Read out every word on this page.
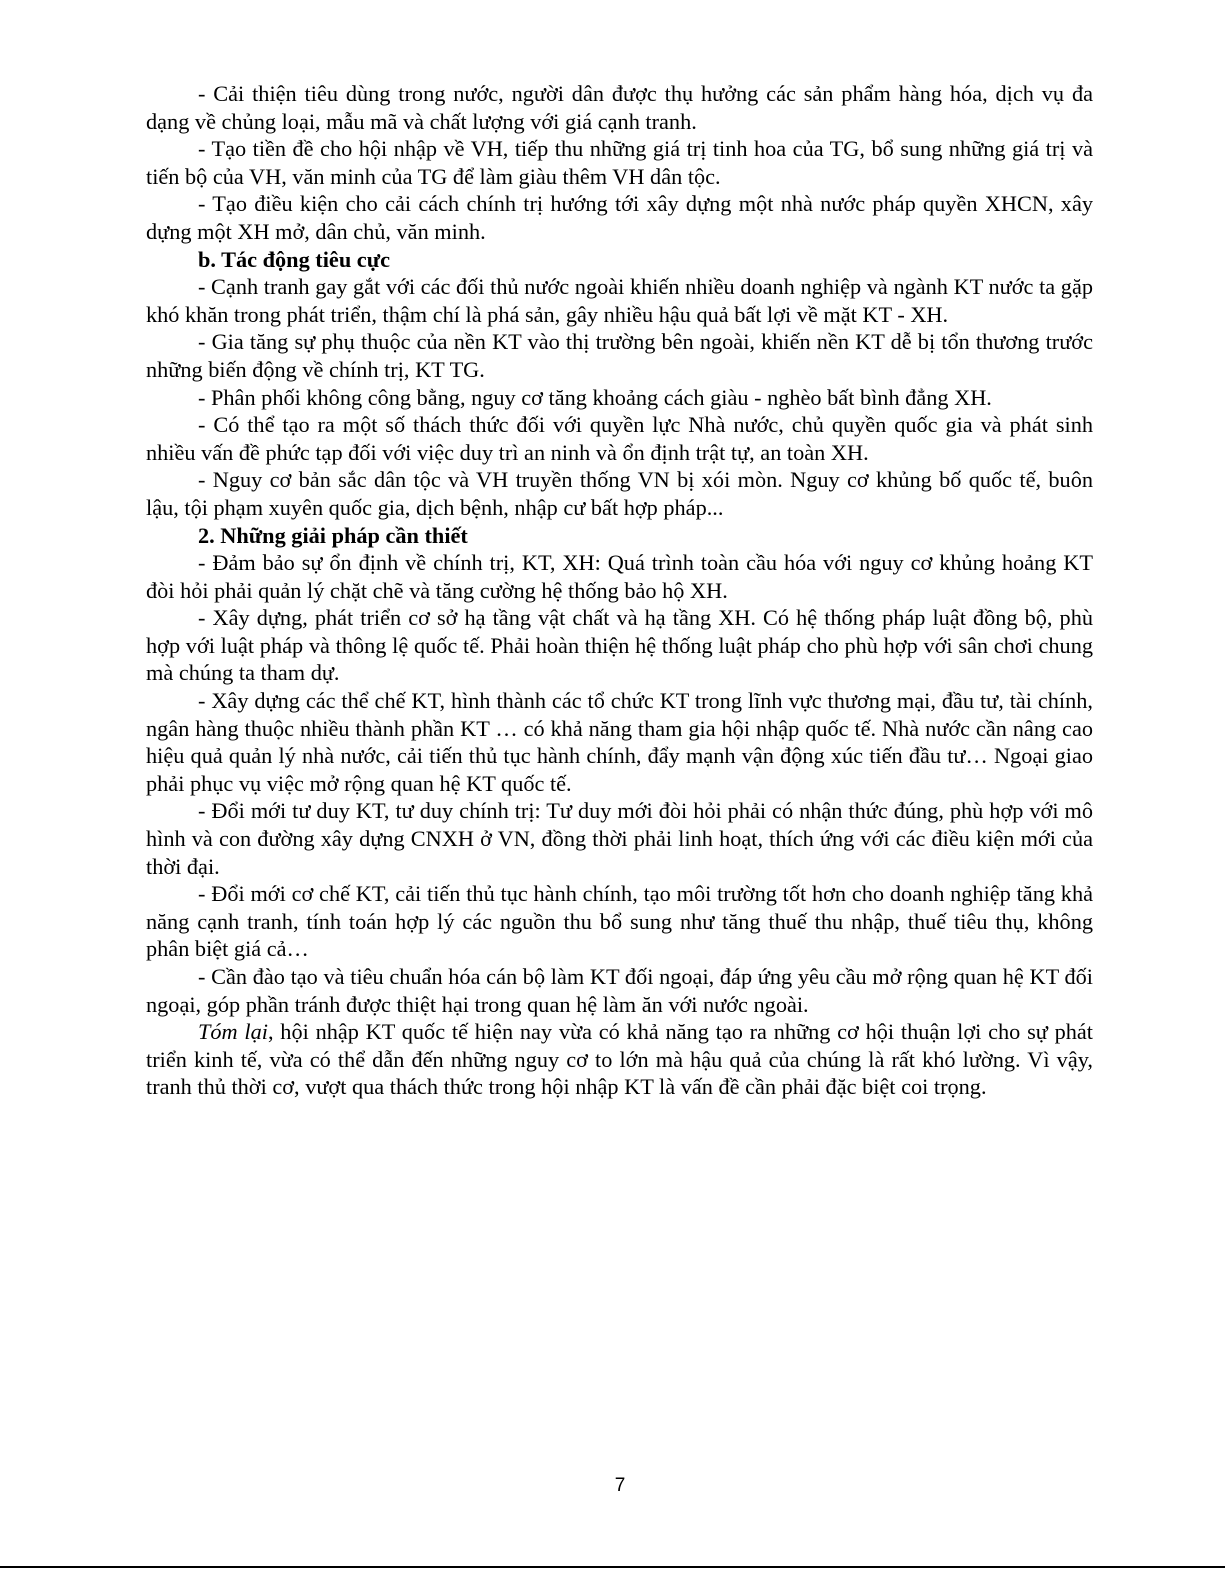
- Cải thiện tiêu dùng trong nước, người dân được thụ hưởng các sản phẩm hàng hóa, dịch vụ đa dạng về chủng loại, mẫu mã và chất lượng với giá cạnh tranh.

- Tạo tiền đề cho hội nhập về VH, tiếp thu những giá trị tinh hoa của TG, bổ sung những giá trị và tiến bộ của VH, văn minh của TG để làm giàu thêm VH dân tộc.

- Tạo điều kiện cho cải cách chính trị hướng tới xây dựng một nhà nước pháp quyền XHCN, xây dựng một XH mở, dân chủ, văn minh.

b. Tác động tiêu cực

- Cạnh tranh gay gắt với các đối thủ nước ngoài khiến nhiều doanh nghiệp và ngành KT nước ta gặp khó khăn trong phát triển, thậm chí là phá sản, gây nhiều hậu quả bất lợi về mặt KT - XH.

- Gia tăng sự phụ thuộc của nền KT vào thị trường bên ngoài, khiến nền KT dễ bị tổn thương trước những biến động về chính trị, KT TG.

- Phân phối không công bằng, nguy cơ tăng khoảng cách giàu - nghèo bất bình đẳng XH.

- Có thể tạo ra một số thách thức đối với quyền lực Nhà nước, chủ quyền quốc gia và phát sinh nhiều vấn đề phức tạp đối với việc duy trì an ninh và ổn định trật tự, an toàn XH.

- Nguy cơ bản sắc dân tộc và VH truyền thống VN bị xói mòn. Nguy cơ khủng bố quốc tế, buôn lậu, tội phạm xuyên quốc gia, dịch bệnh, nhập cư bất hợp pháp...

2. Những giải pháp cần thiết

- Đảm bảo sự ổn định về chính trị, KT, XH: Quá trình toàn cầu hóa với nguy cơ khủng hoảng KT đòi hỏi phải quản lý chặt chẽ và tăng cường hệ thống bảo hộ XH.

- Xây dựng, phát triển cơ sở hạ tầng vật chất và hạ tầng XH. Có hệ thống pháp luật đồng bộ, phù hợp với luật pháp và thông lệ quốc tế. Phải hoàn thiện hệ thống luật pháp cho phù hợp với sân chơi chung mà chúng ta tham dự.

- Xây dựng các thể chế KT, hình thành các tổ chức KT trong lĩnh vực thương mại, đầu tư, tài chính, ngân hàng thuộc nhiều thành phần KT … có khả năng tham gia hội nhập quốc tế. Nhà nước cần nâng cao hiệu quả quản lý nhà nước, cải tiến thủ tục hành chính, đẩy mạnh vận động xúc tiến đầu tư… Ngoại giao phải phục vụ việc mở rộng quan hệ KT quốc tế.

- Đổi mới tư duy KT, tư duy chính trị: Tư duy mới đòi hỏi phải có nhận thức đúng, phù hợp với mô hình và con đường xây dựng CNXH ở VN, đồng thời phải linh hoạt, thích ứng với các điều kiện mới của thời đại.

- Đổi mới cơ chế KT, cải tiến thủ tục hành chính, tạo môi trường tốt hơn cho doanh nghiệp tăng khả năng cạnh tranh, tính toán hợp lý các nguồn thu bổ sung như tăng thuế thu nhập, thuế tiêu thụ, không phân biệt giá cả…

- Cần đào tạo và tiêu chuẩn hóa cán bộ làm KT đối ngoại, đáp ứng yêu cầu mở rộng quan hệ KT đối ngoại, góp phần tránh được thiệt hại trong quan hệ làm ăn với nước ngoài.

Tóm lại, hội nhập KT quốc tế hiện nay vừa có khả năng tạo ra những cơ hội thuận lợi cho sự phát triển kinh tế, vừa có thể dẫn đến những nguy cơ to lớn mà hậu quả của chúng là rất khó lường. Vì vậy, tranh thủ thời cơ, vượt qua thách thức trong hội nhập KT là vấn đề cần phải đặc biệt coi trọng.

7
